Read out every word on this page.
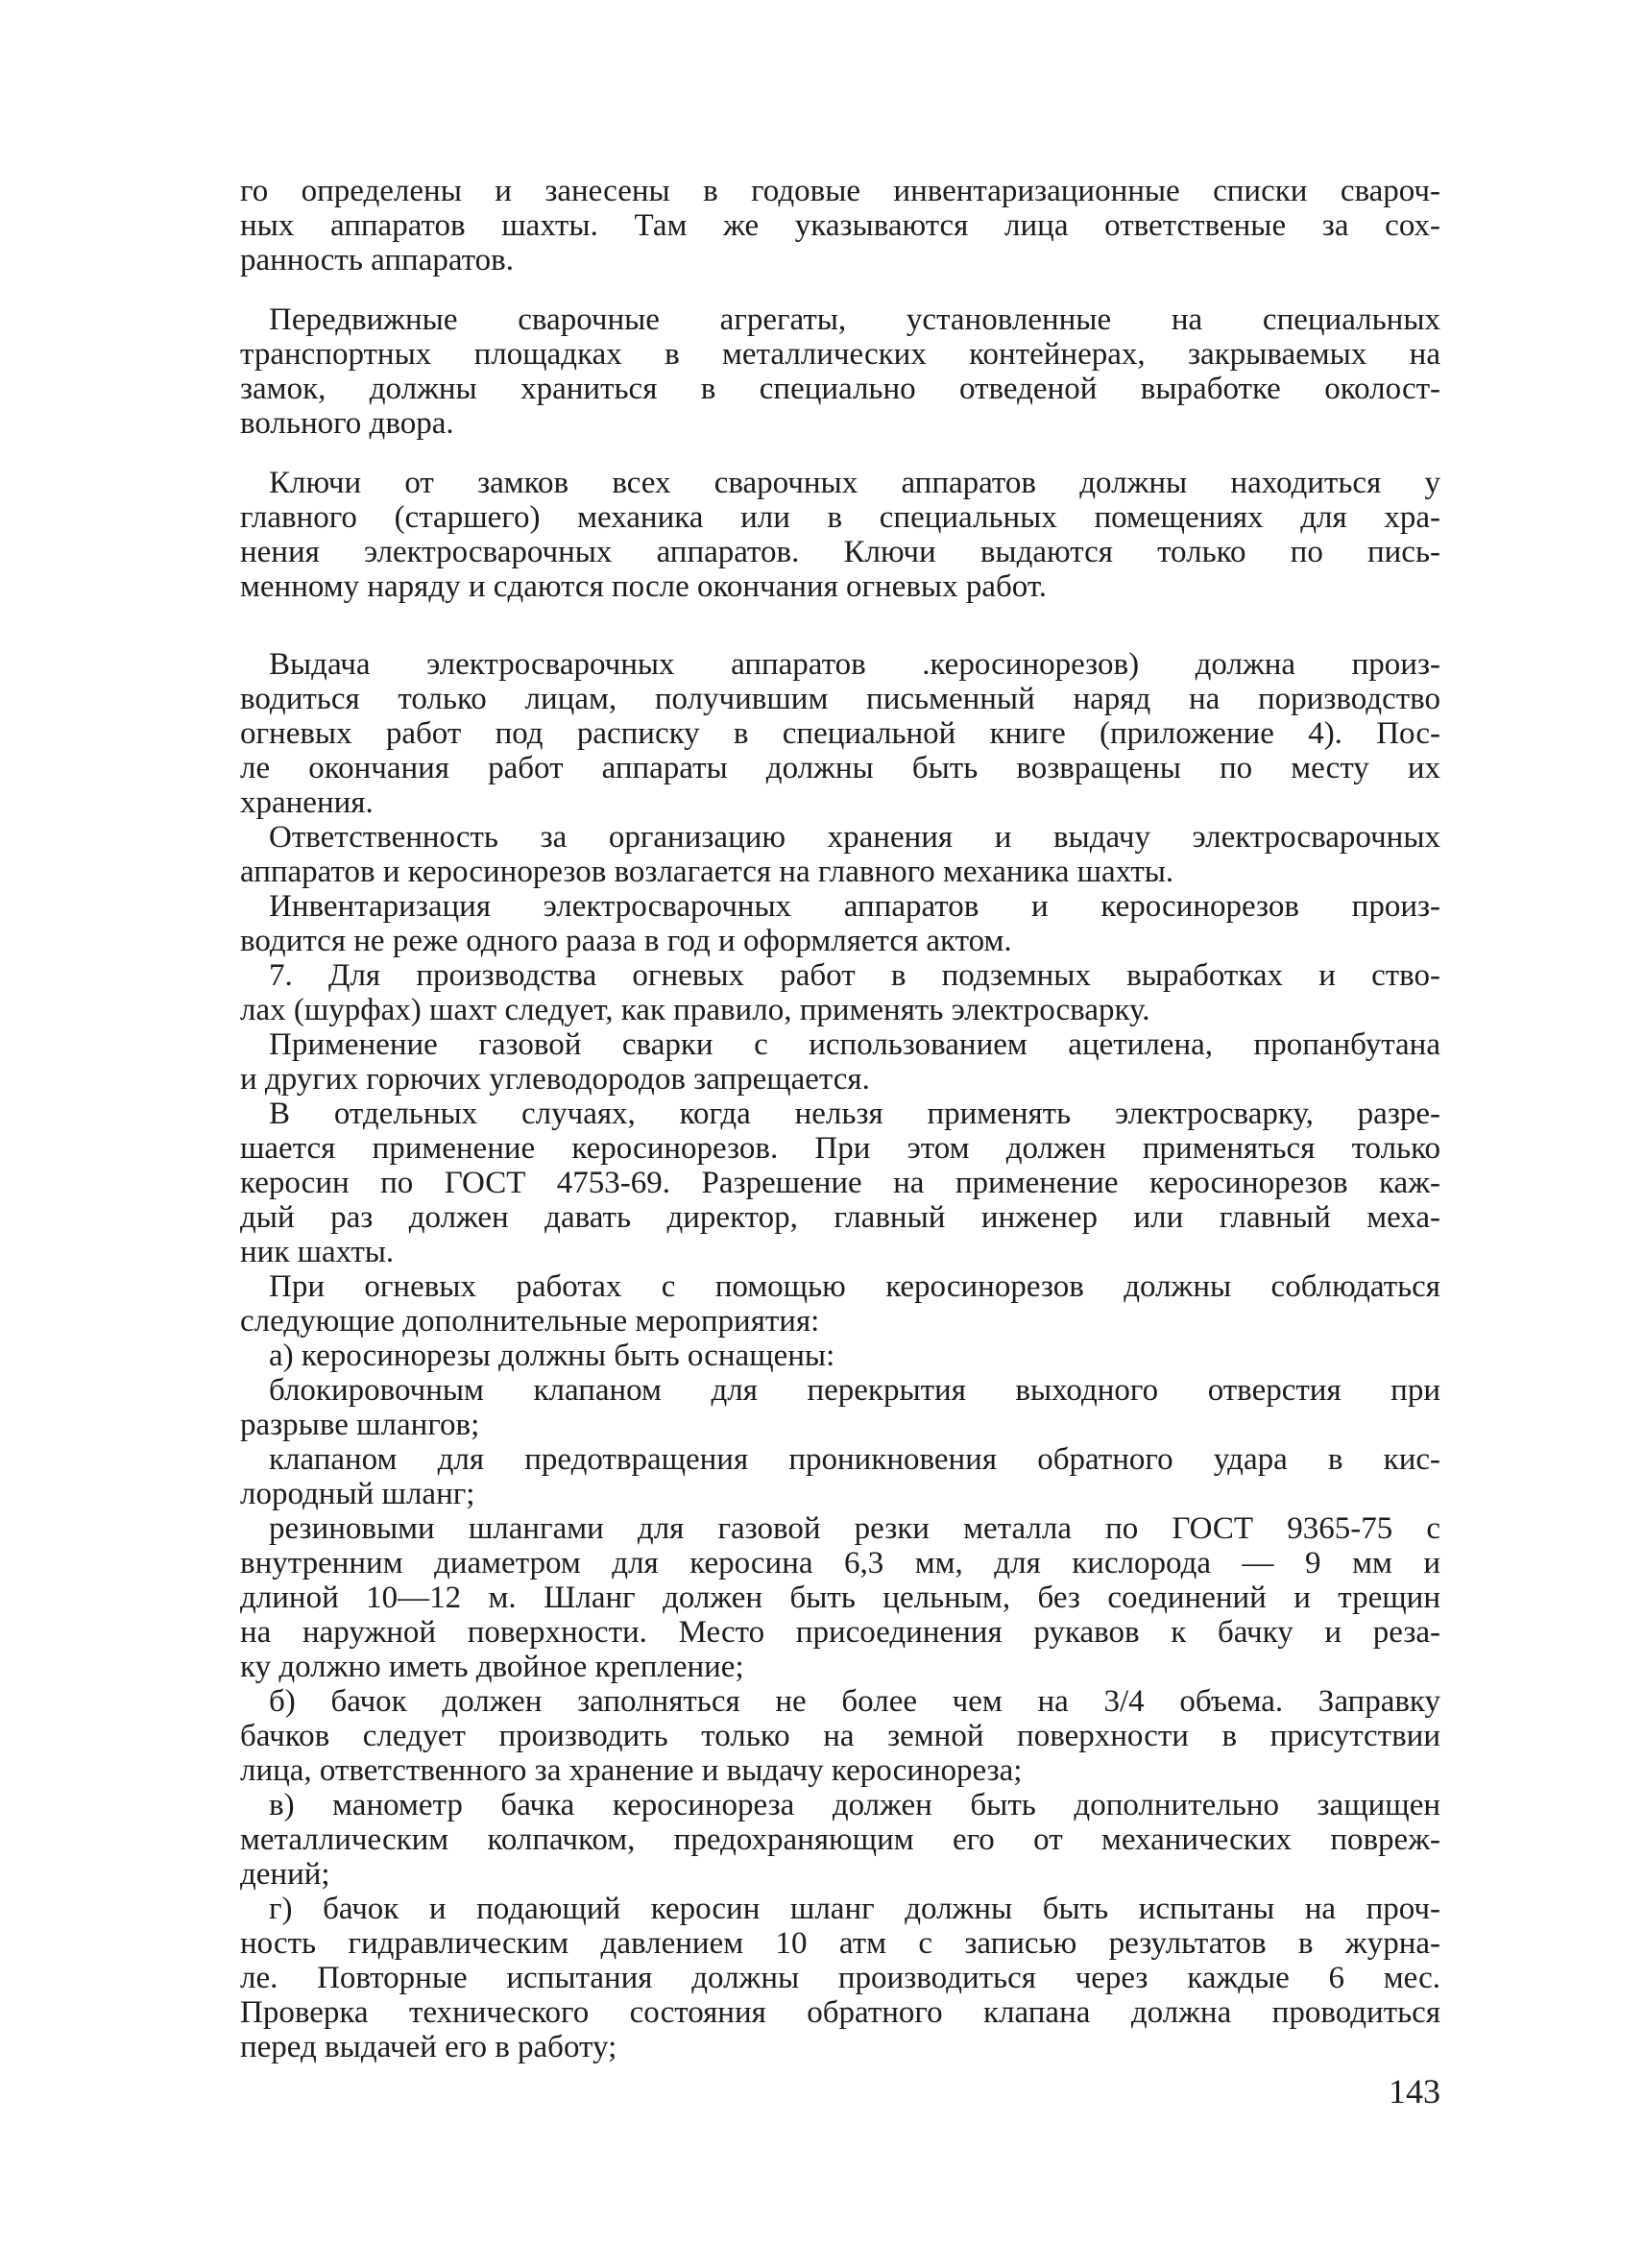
го определены и занесены в годовые инвентаризационные списки свароч-
ных аппаратов шахты. Там же указываются лица ответственые за сох-
ранность аппаратов.
Передвижные сварочные агрегаты, установленные на специальных
транспортных площадках в металлических контейнерах, закрываемых на
замок, должны храниться в специально отведеной выработке околост-
вольного двора.
Ключи от замков всех сварочных аппаратов должны находиться у
главного (старшего) механика или в специальных помещениях для хра-
нения электросварочных аппаратов. Ключи выдаются только по пись-
менному наряду и сдаются после окончания огневых работ.
Выдача электросварочных аппаратов .керосинорезов) должна произ-
водиться только лицам, получившим письменный наряд на поризводство
огневых работ под расписку в специальной книге (приложение 4). Пос-
ле окончания работ аппараты должны быть возвращены по месту их
хранения.
Ответственность за организацию хранения и выдачу электросварочных
аппаратов и керосинорезов возлагается на главного механика шахты.
Инвентаризация электросварочных аппаратов и керосинорезов произ-
водится не реже одного рааза в год и оформляется актом.
7. Для производства огневых работ в подземных выработках и ство-
лах (шурфах) шахт следует, как правило, применять электросварку.
Применение газовой сварки с использованием ацетилена, пропанбутана
и других горючих углеводородов запрещается.
В отдельных случаях, когда нельзя применять электросварку, разре-
шается применение керосинорезов. При этом должен применяться только
керосин по ГОСТ 4753-69. Разрешение на применение керосинорезов каж-
дый раз должен давать директор, главный инженер или главный меха-
ник шахты.
При огневых работах с помощью керосинорезов должны соблюдаться
следующие дополнительные мероприятия:
а) керосинорезы должны быть оснащены:
блокировочным клапаном для перекрытия выходного отверстия при
разрыве шлангов;
клапаном для предотвращения проникновения обратного удара в кис-
лородный шланг;
резиновыми шлангами для газовой резки металла по ГОСТ 9365-75 с
внутренним диаметром для керосина 6,3 мм, для кислорода — 9 мм и
длиной 10—12 м. Шланг должен быть цельным, без соединений и трещин
на наружной поверхности. Место присоединения рукавов к бачку и реза-
ку должно иметь двойное крепление;
б) бачок должен заполняться не более чем на 3/4 объема. Заправку
бачков следует производить только на земной поверхности в присутствии
лица, ответственного за хранение и выдачу керосинореза;
в) манометр бачка керосинореза должен быть дополнительно защищен
металлическим колпачком, предохраняющим его от механических повреж-
дений;
г) бачок и подающий керосин шланг должны быть испытаны на проч-
ность гидравлическим давлением 10 атм с записью результатов в журна-
ле. Повторные испытания должны производиться через каждые 6 мес.
Проверка технического состояния обратного клапана должна проводиться
перед выдачей его в работу;
143
